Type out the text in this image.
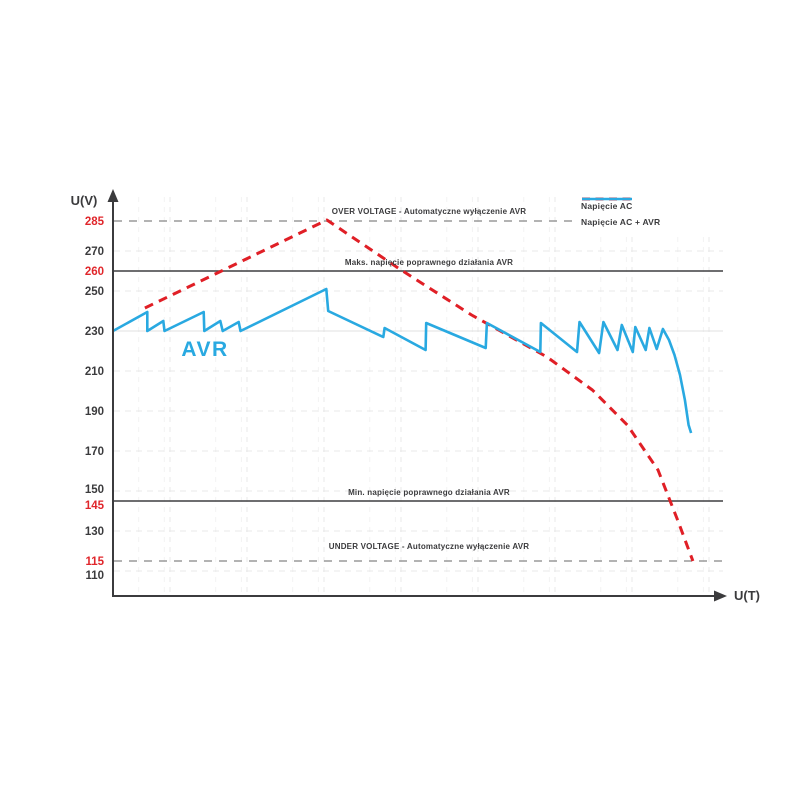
OVER VOLTAGE - Automatyczne wyłączenie AVR
Maks. napięcie poprawnego działania AVR
Min. napięcie poprawnego działania AVR
UNDER VOLTAGE - Automatyczne wyłączenie AVR
U(V)
U(T)
285
270
260
250
230
210
190
170
150
145
130
115
110
AVR
Napięcie AC
Napięcie AC + AVR
